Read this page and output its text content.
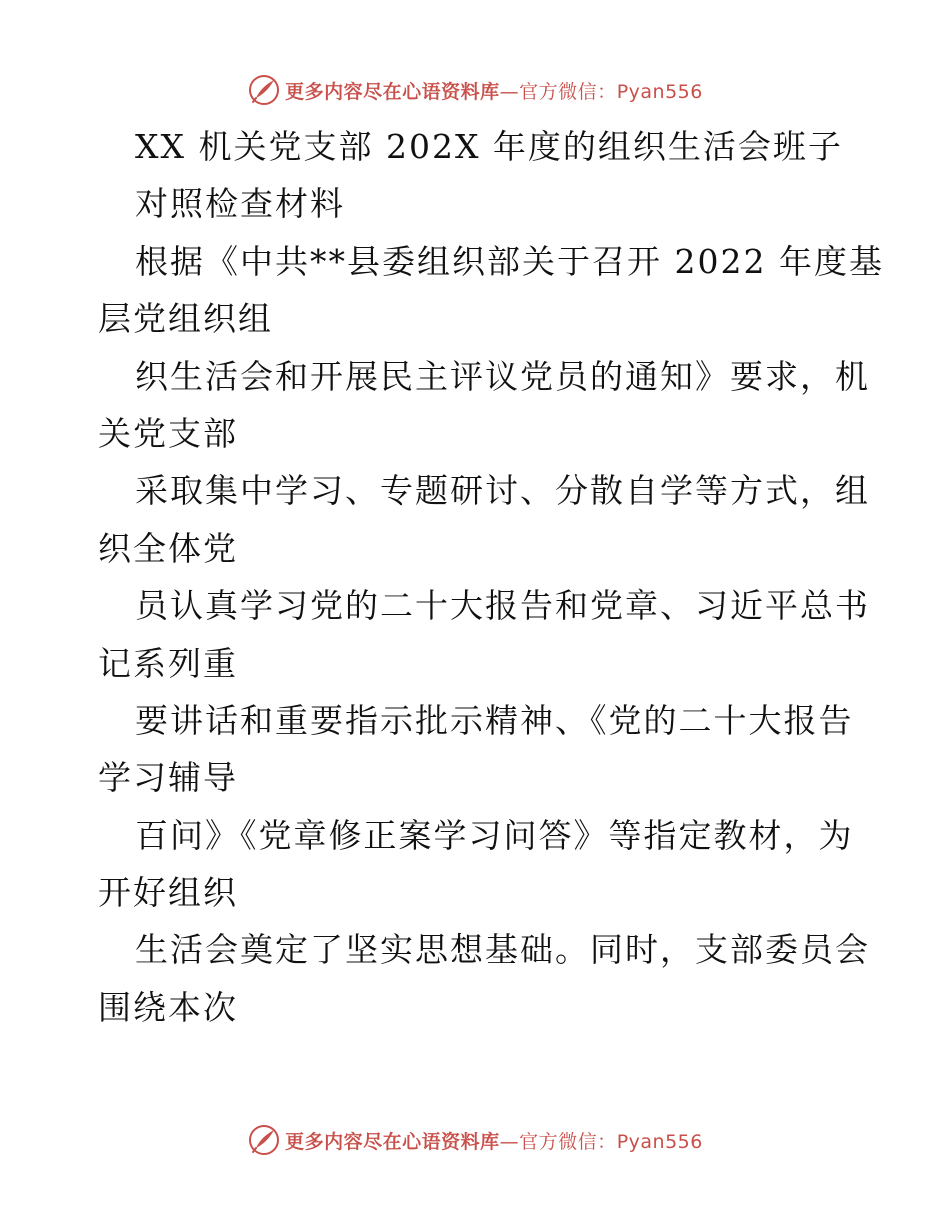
更多内容尽在心语资料库—官方微信：Pyan556
XX 机关党支部 202X 年度的组织生活会班子
对照检查材料
根据《中共**县委组织部关于召开 2022 年度基
层党组织组
织生活会和开展民主评议党员的通知》要求，机
关党支部
采取集中学习、专题研讨、分散自学等方式，组
织全体党
员认真学习党的二十大报告和党章、习近平总书
记系列重
要讲话和重要指示批示精神、《党的二十大报告
学习辅导
百问》《党章修正案学习问答》等指定教材，为
开好组织
生活会奠定了坚实思想基础。同时，支部委员会
围绕本次
更多内容尽在心语资料库—官方微信：Pyan556
